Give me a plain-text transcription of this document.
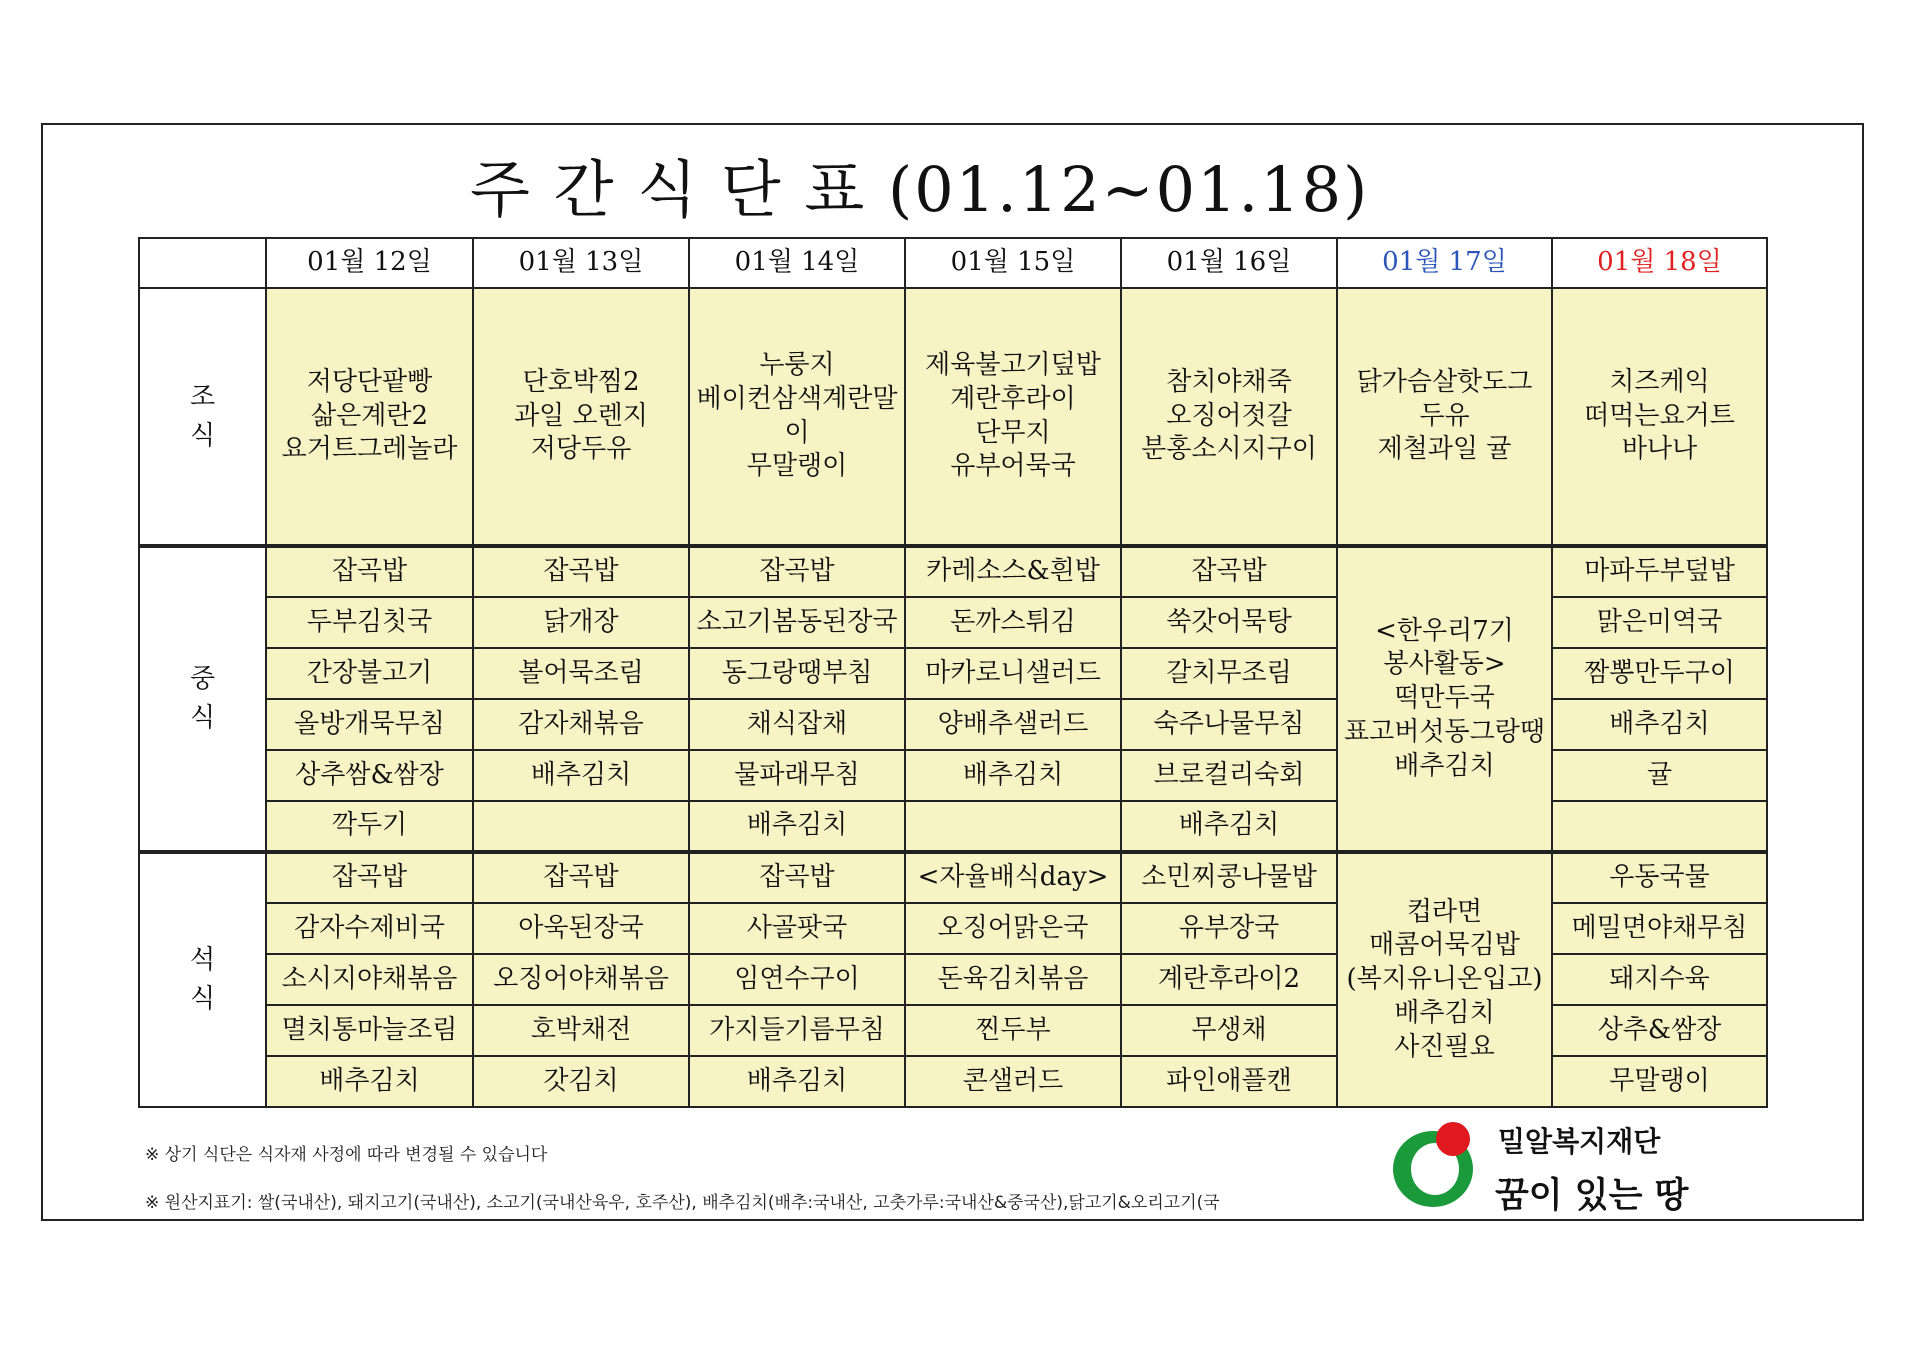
주 간 식 단 표 (01.12~01.18)

	01월 12일	01월 13일	01월 14일	01월 15일	01월 16일	01월 17일	01월 18일

조
식	저당단팥빵
삶은계란2
요거트그레놀라	단호박찜2
과일 오렌지
저당두유	누룽지
베이컨삼색계란말이
무말랭이	제육불고기덮밥
계란후라이
단무지
유부어묵국	참치야채죽
오징어젓갈
분홍소시지구이	닭가슴살핫도그
두유
제철과일 귤	치즈케익
떠먹는요거트
바나나

중
식	잡곡밥	잡곡밥	잡곡밥	카레소스&흰밥	잡곡밥	<한우리7기
봉사활동>
떡만두국
표고버섯동그랑땡
배추김치	마파두부덮밥

	두부김칫국	닭개장	소고기봄동된장국	돈까스튀김	쑥갓어묵탕		맑은미역국

	간장불고기	볼어묵조림	동그랑땡부침	마카로니샐러드	갈치무조림		짬뽕만두구이

	올방개묵무침	감자채볶음	채식잡채	양배추샐러드	숙주나물무침		배추김치

	상추쌈&쌈장	배추김치	물파래무침	배추김치	브로컬리숙회		귤

	깍두기		배추김치		배추김치		

석
식	잡곡밥	잡곡밥	잡곡밥	<자율배식day>	소민찌콩나물밥	컵라면
매콤어묵김밥
(복지유니온입고)
배추김치
사진필요	우동국물

	감자수제비국	아욱된장국	사골팟국	오징어맑은국	유부장국		메밀면야채무침

	소시지야채볶음	오징어야채볶음	임연수구이	돈육김치볶음	계란후라이2		돼지수육

	멸치통마늘조림	호박채전	가지들기름무침	찐두부	무생채		상추&쌈장

	배추김치	갓김치	배추김치	콘샐러드	파인애플캔		무말랭이
※ 상기 식단은 식자재 사정에 따라 변경될 수 있습니다
※ 원산지표기: 쌀(국내산), 돼지고기(국내산), 소고기(국내산육우, 호주산), 배추김치(배추:국내산, 고춧가루:국내산&중국산),닭고기&오리고기(국
밀알복지재단
꿈이 있는 땅
